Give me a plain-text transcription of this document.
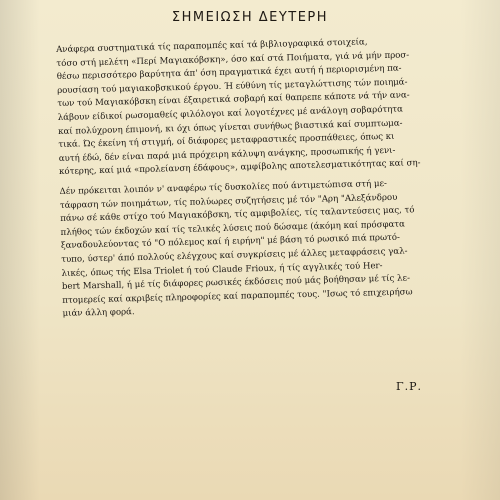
ΣΗΜΕΙΩΣΗ ΔΕΥΤΕΡΗ

Ανάφερα συστηματικά τίς παραπομπές καί τά βιβλιογραφικά στοιχεία,
τόσο στή μελέτη «Περί Μαγιακόβσκη», όσο καί στά Ποιήματα, γιά νά μήν προσ-
θέσω περισσότερο βαρύτητα άπ' όση πραγματικά έχει αυτή ή περιορισμένη πα-
ρουσίαση τού μαγιακοβσκικού έργου. Ή εύθύνη τίς μεταγλώττισης τών ποιημά-
των τού Μαγιακόβσκη είναι έξαιρετικά σοβαρή καί θαπρεπε κάποτε νά τήν ανα-
λάβουν είδικοί ρωσομαθείς φιλόλογοι καί λογοτέχνες μέ ανάλογη σοβαρότητα
καί πολύχρονη έπιμονή, κι όχι όπως γίνεται συνήθως βιαστικά καί συμπτωμα-
τικά. Ώς έκείνη τή στιγμή, οί διάφορες μεταφραστικές προσπάθειες, όπως κι
αυτή έδώ, δέν είναι παρά μιά πρόχειρη κάλυψη ανάγκης, προσωπικής ή γενι-
κότερης, καί μιά «προλείανση έδάφους», αμφίβολης αποτελεσματικότητας καί ση-

Δέν πρόκειται λοιπόν ν' αναφέρω τίς δυσκολίες πού άντιμετώπισα στή με-
τάφραση τών ποιημάτων, τίς πολύωρες συζητήσεις μέ τόν "Αρη "Αλεξάνδρου
πάνω σέ κάθε στίχο τού Μαγιακόβσκη, τίς αμφιβολίες, τίς ταλαντεύσεις μας, τό
πλήθος τών έκδοχών καί τίς τελικές λύσεις πού δώσαμε (άκόμη καί πρόσφατα
ξαναδουλεύοντας τό "Ο πόλεμος καί ή ειρήνη" μέ βάση τό ρωσικό πιά πρωτό-
τυπο, ύστερ' άπό πολλούς ελέγχους καί συγκρίσεις μέ άλλες μεταφράσεις γαλ-
λικές, όπως τής Elsa Triolet ή τού Claude Frioux, ή τίς αγγλικές τού Her-
bert Marshall, ή μέ τίς διάφορες ρωσικές έκδόσεις πού μάς βοήθησαν μέ τίς λε-
πτομερείς καί ακριβείς πληροφορίες καί παραπομπές τους. "Ισως τό επιχειρήσω
μιάν άλλη φορά.

Γ.Ρ.
